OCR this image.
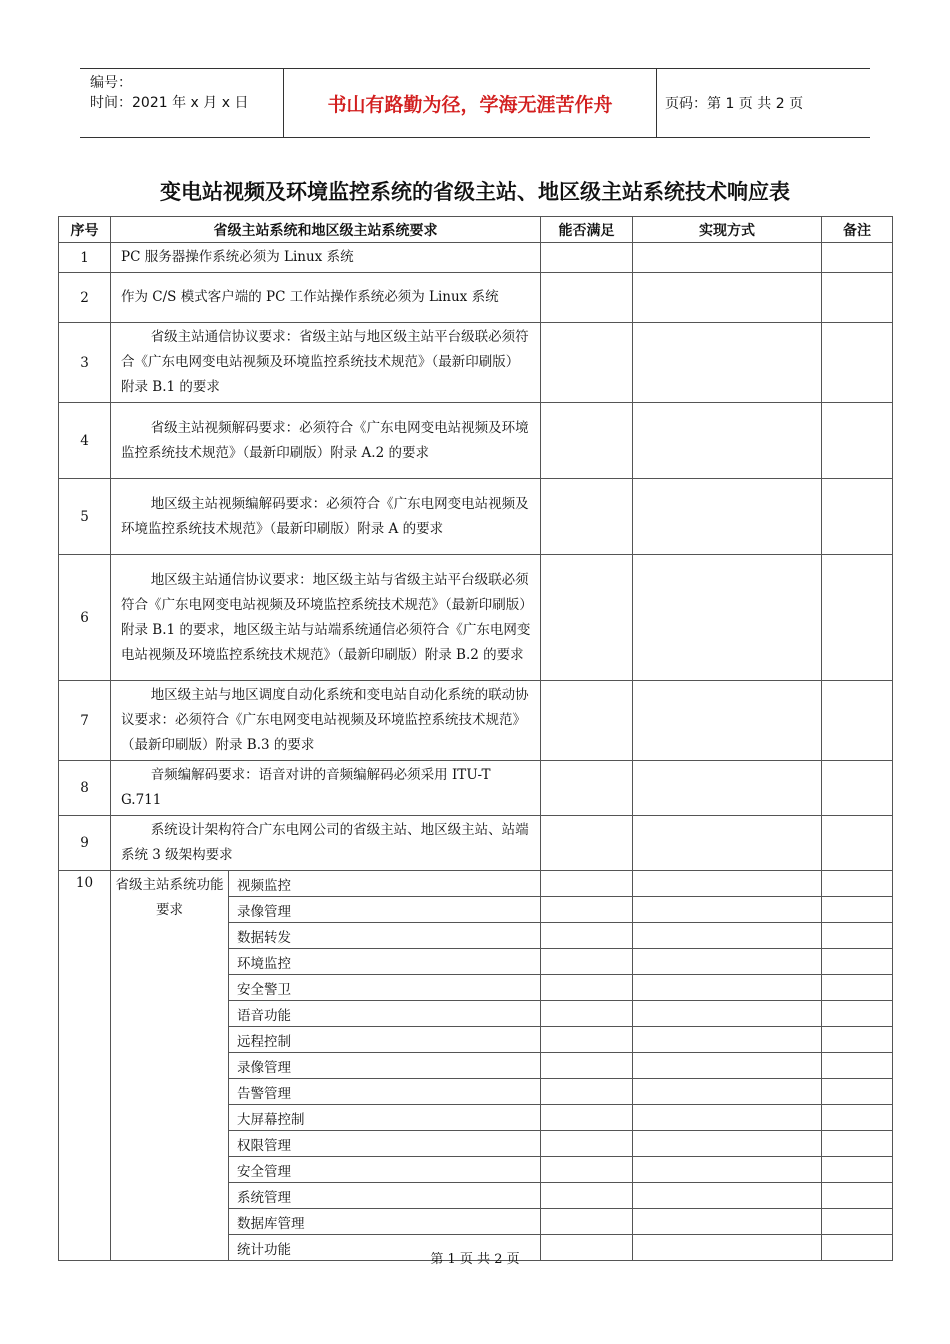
编号：
时间：2021 年 x 月 x 日	书山有路勤为径，学海无涯苦作舟	页码：第 1 页 共 2 页
变电站视频及环境监控系统的省级主站、地区级主站系统技术响应表
序号	省级主站系统和地区级主站系统要求		能否满足	实现方式	备注
1	PC 服务器操作系统必须为 Linux 系统				
2	作为 C/S 模式客户端的 PC 工作站操作系统必须为 Linux 系统				
3	省级主站通信协议要求：省级主站与地区级主站平台级联必须符合《广东电网变电站视频及环境监控系统技术规范》（最新印刷版）附录 B.1 的要求				
4	省级主站视频解码要求：必须符合《广东电网变电站视频及环境监控系统技术规范》（最新印刷版）附录 A.2 的要求				
5	地区级主站视频编解码要求：必须符合《广东电网变电站视频及环境监控系统技术规范》（最新印刷版）附录 A 的要求				
6	地区级主站通信协议要求：地区级主站与省级主站平台级联必须符合《广东电网变电站视频及环境监控系统技术规范》（最新印刷版）附录 B.1 的要求，地区级主站与站端系统通信必须符合《广东电网变电站视频及环境监控系统技术规范》（最新印刷版）附录 B.2 的要求				
7	地区级主站与地区调度自动化系统和变电站自动化系统的联动协议要求：必须符合《广东电网变电站视频及环境监控系统技术规范》（最新印刷版）附录 B.3 的要求				
8	音频编解码要求：语音对讲的音频编解码必须采用 ITU-T G.711				
9	系统设计架构符合广东电网公司的省级主站、地区级主站、站端系统 3 级架构要求				
10	省级主站系统功能要求	视频监控			
		录像管理			
		数据转发			
		环境监控			
		安全警卫			
		语音功能			
		远程控制			
		录像管理			
		告警管理			
		大屏幕控制			
		权限管理			
		安全管理			
		系统管理			
		数据库管理			
		统计功能			
第 1 页 共 2 页
